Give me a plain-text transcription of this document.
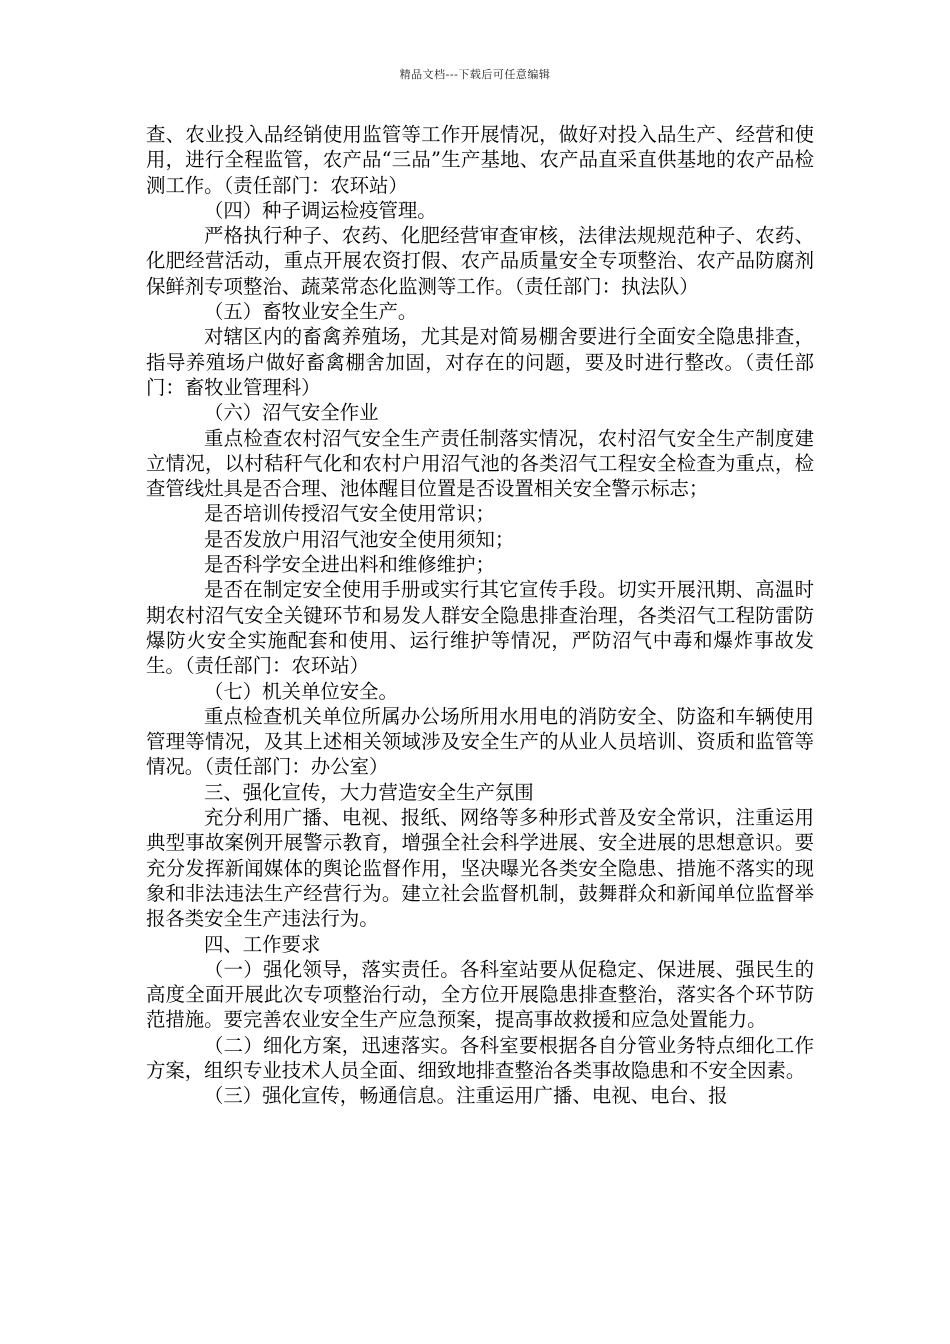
精品文档---下载后可任意编辑

查、农业投入品经销使用监管等工作开展情况，做好对投入品生产、经营和使用，进行全程监管，农产品“三品”生产基地、农产品直采直供基地的农产品检测工作。（责任部门：农环站）

（四）种子调运检疫管理。

严格执行种子、农药、化肥经营审查审核，法律法规规范种子、农药、化肥经营活动，重点开展农资打假、农产品质量安全专项整治、农产品防腐剂保鲜剂专项整治、蔬菜常态化监测等工作。（责任部门：执法队）

（五）畜牧业安全生产。

对辖区内的畜禽养殖场，尤其是对简易棚舍要进行全面安全隐患排查，指导养殖场户做好畜禽棚舍加固，对存在的问题，要及时进行整改。（责任部门：畜牧业管理科）

（六）沼气安全作业

重点检查农村沼气安全生产责任制落实情况，农村沼气安全生产制度建立情况，以村秸秆气化和农村户用沼气池的各类沼气工程安全检查为重点，检查管线灶具是否合理、池体醒目位置是否设置相关安全警示标志；

是否培训传授沼气安全使用常识；

是否发放户用沼气池安全使用须知；

是否科学安全进出料和维修维护；

是否在制定安全使用手册或实行其它宣传手段。切实开展汛期、高温时期农村沼气安全关键环节和易发人群安全隐患排查治理，各类沼气工程防雷防爆防火安全实施配套和使用、运行维护等情况，严防沼气中毒和爆炸事故发生。（责任部门：农环站）

（七）机关单位安全。

重点检查机关单位所属办公场所用水用电的消防安全、防盗和车辆使用管理等情况，及其上述相关领域涉及安全生产的从业人员培训、资质和监管等情况。（责任部门：办公室）

三、强化宣传，大力营造安全生产氛围

充分利用广播、电视、报纸、网络等多种形式普及安全常识，注重运用典型事故案例开展警示教育，增强全社会科学进展、安全进展的思想意识。要充分发挥新闻媒体的舆论监督作用，坚决曝光各类安全隐患、措施不落实的现象和非法违法生产经营行为。建立社会监督机制，鼓舞群众和新闻单位监督举报各类安全生产违法行为。

四、工作要求

（一）强化领导，落实责任。各科室站要从促稳定、保进展、强民生的高度全面开展此次专项整治行动，全方位开展隐患排查整治，落实各个环节防范措施。要完善农业安全生产应急预案，提高事故救援和应急处置能力。

（二）细化方案，迅速落实。各科室要根据各自分管业务特点细化工作方案，组织专业技术人员全面、细致地排查整治各类事故隐患和不安全因素。

（三）强化宣传，畅通信息。注重运用广播、电视、电台、报
